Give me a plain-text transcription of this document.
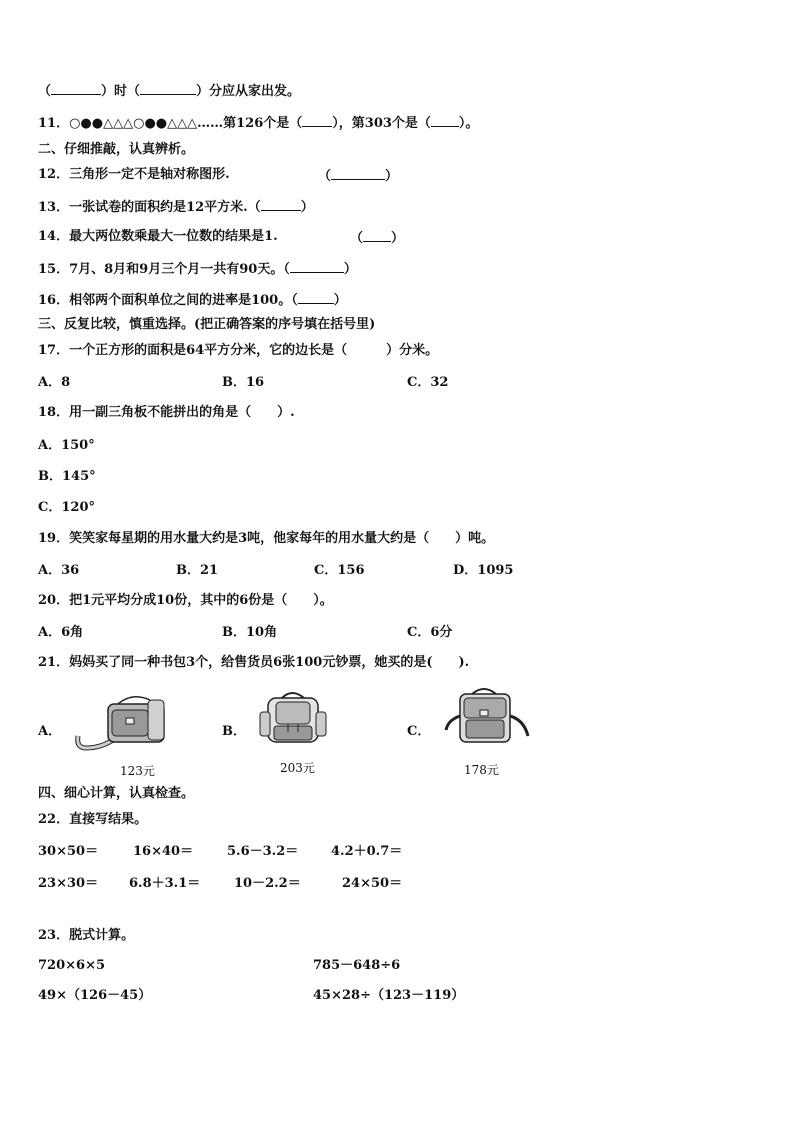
（	）时（	）分应从家出发。
11．○●●△△△○●●△△△……第126个是（ ），第303个是（ ）。
二、仔细推敲，认真辨析。
12．三角形一定不是轴对称图形.	（	）
13．一张试卷的面积约是12平方米.（	）
14．最大两位数乘最大一位数的结果是1.	（ ）
15．7月、8月和9月三个月一共有90天。（	）
16．相邻两个面积单位之间的进率是100。（	）
三、反复比较，慎重选择。(把正确答案的序号填在括号里)
17．一个正方形的面积是64平方分米，它的边长是（　　　）分米。
A．8	B．16	C．32
18．用一副三角板不能拼出的角是（　　）.
A．150°
B．145°
C．120°
19．笑笑家每星期的用水量大约是3吨，他家每年的用水量大约是（　　）吨。
A．36	B．21	C．156	D．1095
20．把1元平均分成10份，其中的6份是（　　）。
A．6角	B．10角	C．6分
21．妈妈买了同一种书包3个，给售货员6张100元钞票，她买的是(　　).
A．	B．	C．
123元	203元	178元
四、细心计算，认真检查。
22．直接写结果。
30×50＝	16×40＝	5.6－3.2＝	4.2＋0.7＝
23×30＝ 6.8＋3.1＝	10－2.2＝	24×50＝
23．脱式计算。
720×6×5	785－648÷6
49×（126－45）	45×28÷（123－119）
